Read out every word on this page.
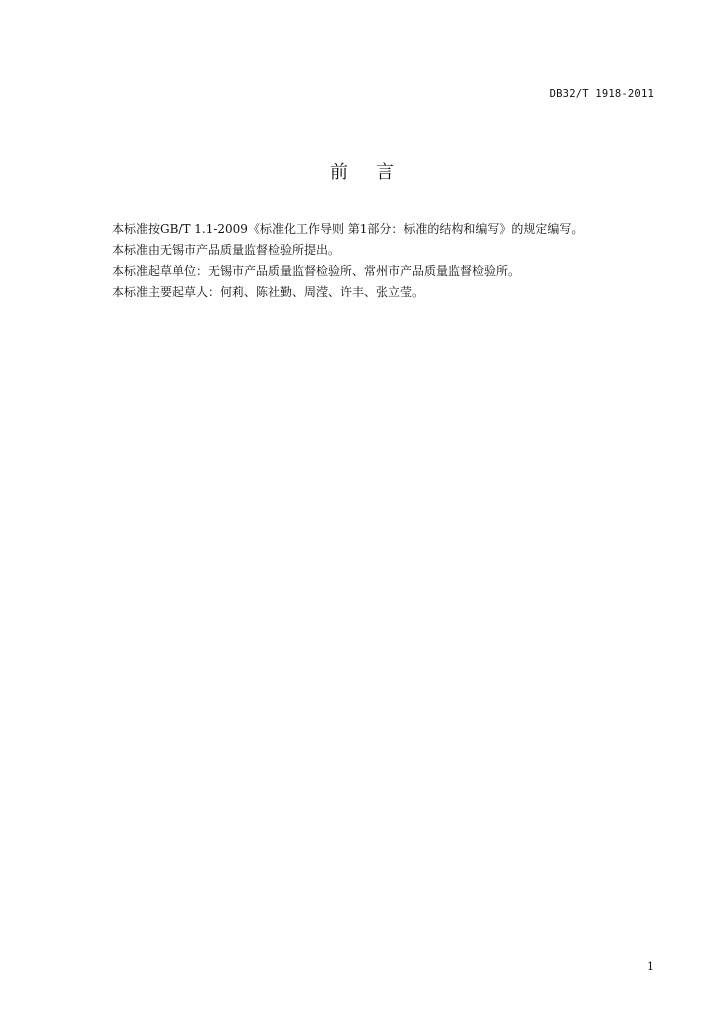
DB32/T 1918-2011
前言
本标准按GB/T 1.1-2009《标准化工作导则 第1部分：标准的结构和编写》的规定编写。
本标准由无锡市产品质量监督检验所提出。
本标准起草单位：无锡市产品质量监督检验所、常州市产品质量监督检验所。
本标准主要起草人：何莉、陈社勤、周滢、许丰、张立莹。
1
